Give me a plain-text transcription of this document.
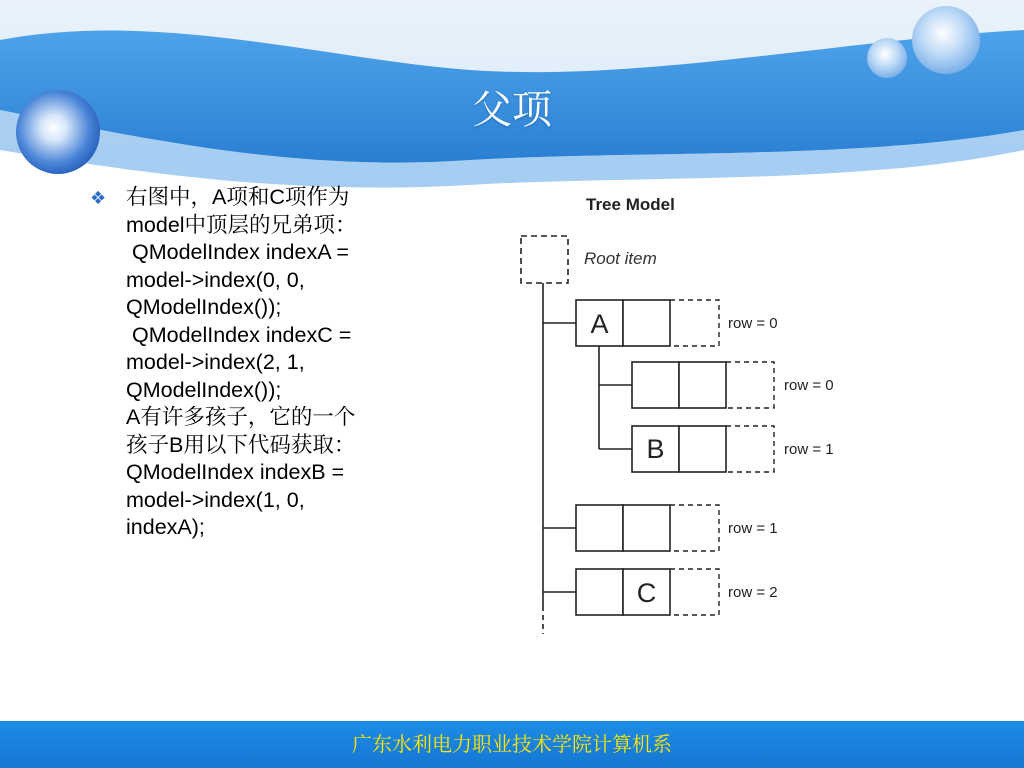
父项
❖ 右图中，A项和C项作为
model中顶层的兄弟项：
QModelIndex indexA =
model->index(0, 0,
QModelIndex());
QModelIndex indexC =
model->index(2, 1,
QModelIndex());
A有许多孩子，它的一个
孩子B用以下代码获取：
QModelIndex indexB =
model->index(1, 0,
indexA);
Tree Model
Root item
A
B
C
row = 0
row = 0
row = 1
row = 1
row = 2
广东水利电力职业技术学院计算机系
